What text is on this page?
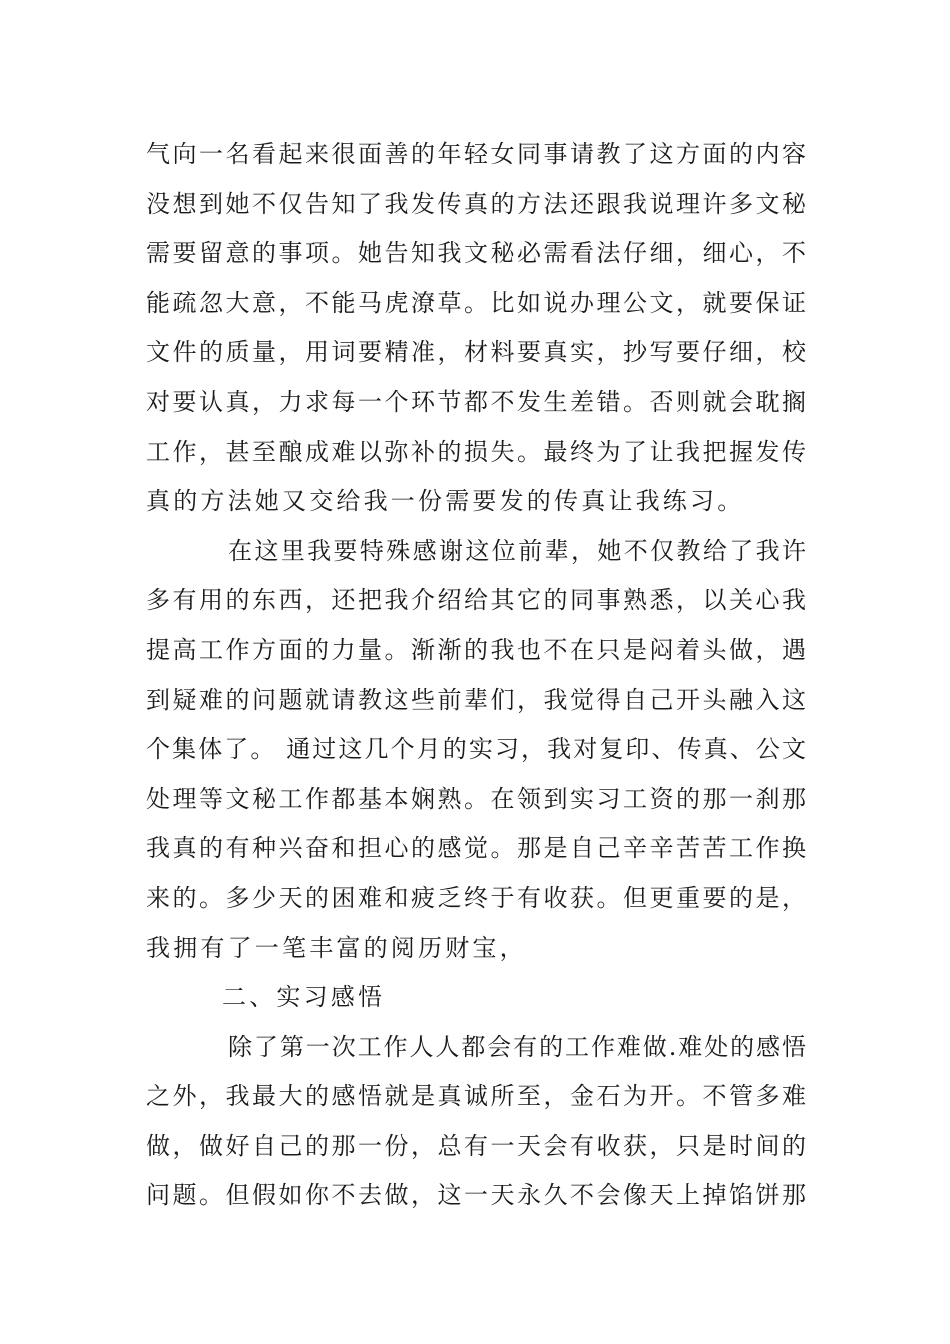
气向一名看起来很面善的年轻女同事请教了这方面的内容
没想到她不仅告知了我发传真的方法还跟我说理许多文秘
需要留意的事项。她告知我文秘必需看法仔细，细心，不
能疏忽大意，不能马虎潦草。比如说办理公文，就要保证
文件的质量，用词要精准，材料要真实，抄写要仔细，校
对要认真，力求每一个环节都不发生差错。否则就会耽搁
工作，甚至酿成难以弥补的损失。最终为了让我把握发传
真的方法她又交给我一份需要发的传真让我练习。
在这里我要特殊感谢这位前辈，她不仅教给了我许
多有用的东西，还把我介绍给其它的同事熟悉，以关心我
提高工作方面的力量。渐渐的我也不在只是闷着头做，遇
到疑难的问题就请教这些前辈们，我觉得自己开头融入这
个集体了。 通过这几个月的实习，我对复印、传真、公文
处理等文秘工作都基本娴熟。在领到实习工资的那一刹那
我真的有种兴奋和担心的感觉。那是自己辛辛苦苦工作换
来的。多少天的困难和疲乏终于有收获。但更重要的是，
我拥有了一笔丰富的阅历财宝，
二、实习感悟
除了第一次工作人人都会有的工作难做.难处的感悟
之外，我最大的感悟就是真诚所至，金石为开。不管多难
做，做好自己的那一份，总有一天会有收获，只是时间的
问题。但假如你不去做，这一天永久不会像天上掉馅饼那
